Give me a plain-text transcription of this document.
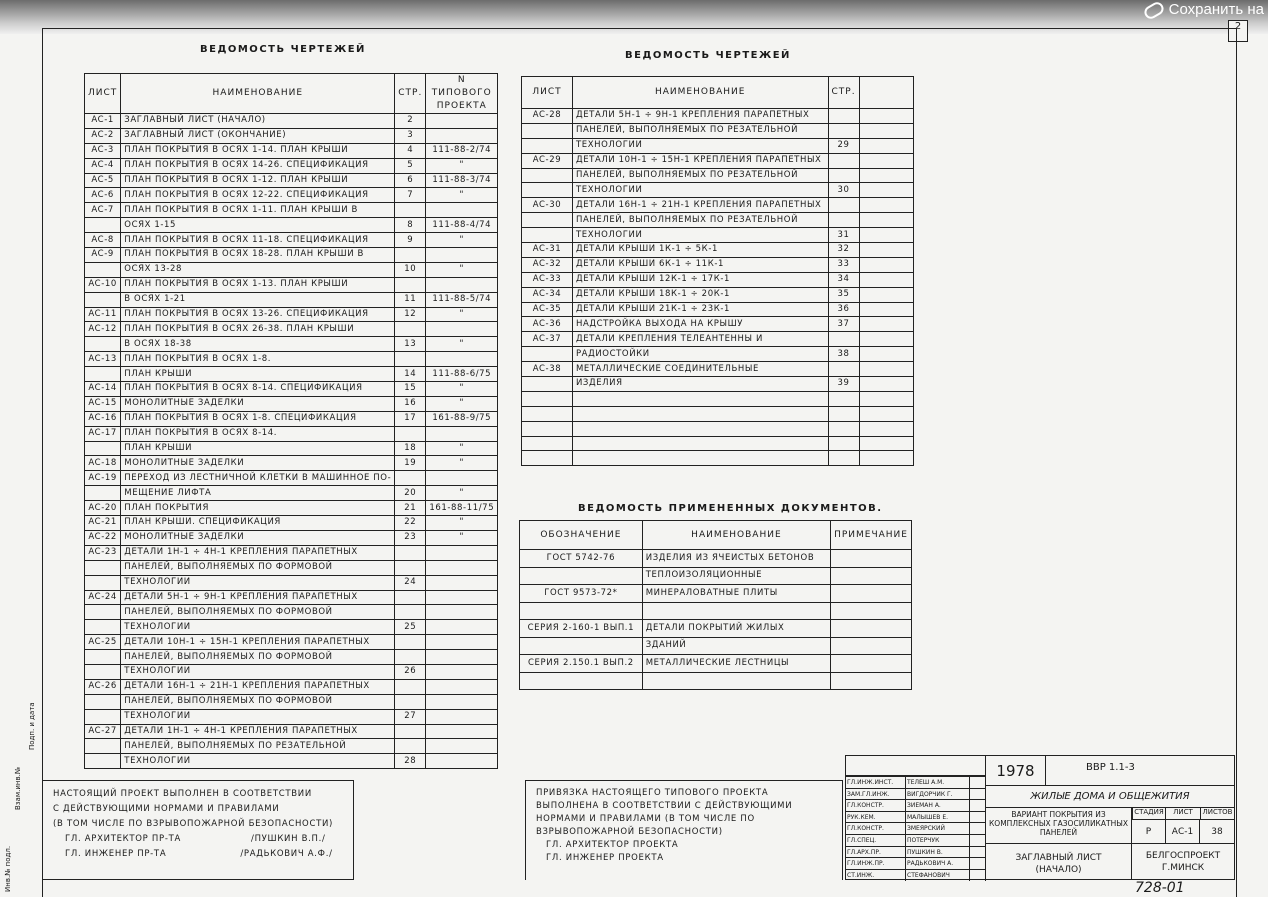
Сохранить на
2
Инв.№ подл.
Взам.инв.№
Подп. и дата
ВЕДОМОСТЬ ЧЕРТЕЖЕЙ
ЛИСТ	НАИМЕНОВАНИЕ	СТР.	N ТИПОВОГО ПРОЕКТА
AC-1	ЗАГЛАВНЫЙ ЛИСТ (НАЧАЛО)	2	
AC-2	ЗАГЛАВНЫЙ ЛИСТ (ОКОНЧАНИЕ)	3	
AC-3	ПЛАН ПОКРЫТИЯ В ОСЯХ 1-14. ПЛАН КРЫШИ	4	111-88-2/74
AC-4	ПЛАН ПОКРЫТИЯ В ОСЯХ 14-26. СПЕЦИФИКАЦИЯ	5	"
AC-5	ПЛАН ПОКРЫТИЯ В ОСЯХ 1-12. ПЛАН КРЫШИ	6	111-88-3/74
AC-6	ПЛАН ПОКРЫТИЯ В ОСЯХ 12-22. СПЕЦИФИКАЦИЯ	7	"
AC-7	ПЛАН ПОКРЫТИЯ В ОСЯХ 1-11. ПЛАН КРЫШИ В		
	ОСЯХ 1-15	8	111-88-4/74
AC-8	ПЛАН ПОКРЫТИЯ В ОСЯХ 11-18. СПЕЦИФИКАЦИЯ	9	"
AC-9	ПЛАН ПОКРЫТИЯ В ОСЯХ 18-28. ПЛАН КРЫШИ В		
	ОСЯХ 13-28	10	"
AC-10	ПЛАН ПОКРЫТИЯ В ОСЯХ 1-13. ПЛАН КРЫШИ		
	В ОСЯХ 1-21	11	111-88-5/74
AC-11	ПЛАН ПОКРЫТИЯ В ОСЯХ 13-26. СПЕЦИФИКАЦИЯ	12	"
AC-12	ПЛАН ПОКРЫТИЯ В ОСЯХ 26-38. ПЛАН КРЫШИ		
	В ОСЯХ 18-38	13	"
AC-13	ПЛАН ПОКРЫТИЯ В ОСЯХ 1-8.		
	ПЛАН КРЫШИ	14	111-88-6/75
AC-14	ПЛАН ПОКРЫТИЯ В ОСЯХ 8-14. СПЕЦИФИКАЦИЯ	15	"
AC-15	МОНОЛИТНЫЕ ЗАДЕЛКИ	16	"
AC-16	ПЛАН ПОКРЫТИЯ В ОСЯХ 1-8. СПЕЦИФИКАЦИЯ	17	161-88-9/75
AC-17	ПЛАН ПОКРЫТИЯ В ОСЯХ 8-14.		
	ПЛАН КРЫШИ	18	"
AC-18	МОНОЛИТНЫЕ ЗАДЕЛКИ	19	"
AC-19	ПЕРЕХОД ИЗ ЛЕСТНИЧНОЙ КЛЕТКИ В МАШИННОЕ ПО-		
	МЕЩЕНИЕ ЛИФТА	20	"
AC-20	ПЛАН ПОКРЫТИЯ	21	161-88-11/75
AC-21	ПЛАН КРЫШИ. СПЕЦИФИКАЦИЯ	22	"
AC-22	МОНОЛИТНЫЕ ЗАДЕЛКИ	23	"
AC-23	ДЕТАЛИ 1Н-1 ÷ 4Н-1 КРЕПЛЕНИЯ ПАРАПЕТНЫХ		
	ПАНЕЛЕЙ, ВЫПОЛНЯЕМЫХ ПО ФОРМОВОЙ		
	ТЕХНОЛОГИИ	24	
AC-24	ДЕТАЛИ 5Н-1 ÷ 9Н-1 КРЕПЛЕНИЯ ПАРАПЕТНЫХ		
	ПАНЕЛЕЙ, ВЫПОЛНЯЕМЫХ ПО ФОРМОВОЙ		
	ТЕХНОЛОГИИ	25	
AC-25	ДЕТАЛИ 10Н-1 ÷ 15Н-1 КРЕПЛЕНИЯ ПАРАПЕТНЫХ		
	ПАНЕЛЕЙ, ВЫПОЛНЯЕМЫХ ПО ФОРМОВОЙ		
	ТЕХНОЛОГИИ	26	
AC-26	ДЕТАЛИ 16Н-1 ÷ 21Н-1 КРЕПЛЕНИЯ ПАРАПЕТНЫХ		
	ПАНЕЛЕЙ, ВЫПОЛНЯЕМЫХ ПО ФОРМОВОЙ		
	ТЕХНОЛОГИИ	27	
AC-27	ДЕТАЛИ 1Н-1 ÷ 4Н-1 КРЕПЛЕНИЯ ПАРАПЕТНЫХ		
	ПАНЕЛЕЙ, ВЫПОЛНЯЕМЫХ ПО РЕЗАТЕЛЬНОЙ		
	ТЕХНОЛОГИИ	28	
ВЕДОМОСТЬ ЧЕРТЕЖЕЙ
ЛИСТ	НАИМЕНОВАНИЕ	СТР.	
AC-28	ДЕТАЛИ 5Н-1 ÷ 9Н-1 КРЕПЛЕНИЯ ПАРАПЕТНЫХ		
	ПАНЕЛЕЙ, ВЫПОЛНЯЕМЫХ ПО РЕЗАТЕЛЬНОЙ		
	ТЕХНОЛОГИИ	29	
AC-29	ДЕТАЛИ 10Н-1 ÷ 15Н-1 КРЕПЛЕНИЯ ПАРАПЕТНЫХ		
	ПАНЕЛЕЙ, ВЫПОЛНЯЕМЫХ ПО РЕЗАТЕЛЬНОЙ		
	ТЕХНОЛОГИИ	30	
AC-30	ДЕТАЛИ 16Н-1 ÷ 21Н-1 КРЕПЛЕНИЯ ПАРАПЕТНЫХ		
	ПАНЕЛЕЙ, ВЫПОЛНЯЕМЫХ ПО РЕЗАТЕЛЬНОЙ		
	ТЕХНОЛОГИИ	31	
AC-31	ДЕТАЛИ КРЫШИ 1К-1 ÷ 5К-1	32	
AC-32	ДЕТАЛИ КРЫШИ 6К-1 ÷ 11К-1	33	
AC-33	ДЕТАЛИ КРЫШИ 12К-1 ÷ 17К-1	34	
AC-34	ДЕТАЛИ КРЫШИ 18К-1 ÷ 20К-1	35	
AC-35	ДЕТАЛИ КРЫШИ 21К-1 ÷ 23К-1	36	
AC-36	НАДСТРОЙКА ВЫХОДА НА КРЫШУ	37	
AC-37	ДЕТАЛИ КРЕПЛЕНИЯ ТЕЛЕАНТЕННЫ И		
	РАДИОСТОЙКИ	38	
AC-38	МЕТАЛЛИЧЕСКИЕ СОЕДИНИТЕЛЬНЫЕ		
	ИЗДЕЛИЯ	39	

ВЕДОМОСТЬ ПРИМЕНЕННЫХ ДОКУМЕНТОВ.
ОБОЗНАЧЕНИЕ	НАИМЕНОВАНИЕ	ПРИМЕЧАНИЕ
ГОСТ 5742-76	ИЗДЕЛИЯ ИЗ ЯЧЕИСТЫХ БЕТОНОВ	
	ТЕПЛОИЗОЛЯЦИОННЫЕ	
ГОСТ 9573-72*	МИНЕРАЛОВАТНЫЕ ПЛИТЫ	

СЕРИЯ 2-160-1 ВЫП.1	ДЕТАЛИ ПОКРЫТИЙ ЖИЛЫХ	
	ЗДАНИЙ	
СЕРИЯ 2.150.1 ВЫП.2	МЕТАЛЛИЧЕСКИЕ ЛЕСТНИЦЫ	

НАСТОЯЩИЙ ПРОЕКТ ВЫПОЛНЕН В СООТВЕТСТВИИ
С ДЕЙСТВУЮЩИМИ НОРМАМИ И ПРАВИЛАМИ
(В ТОМ ЧИСЛЕ ПО ВЗРЫВОПОЖАРНОЙ БЕЗОПАСНОСТИ)
ГЛ. АРХИТЕКТОР ПР-ТА	/ПУШКИН В.П./
ГЛ. ИНЖЕНЕР ПР-ТА	/РАДЬКОВИЧ А.Ф./
ПРИВЯЗКА НАСТОЯЩЕГО ТИПОВОГО ПРОЕКТА ВЫПОЛНЕНА В СООТВЕТСТВИИ С ДЕЙСТВУЮЩИМИ НОРМАМИ И ПРАВИЛАМИ (В ТОМ ЧИСЛЕ ПО ВЗРЫВОПОЖАРНОЙ БЕЗОПАСНОСТИ)
ГЛ. АРХИТЕКТОР ПРОЕКТА
ГЛ. ИНЖЕНЕР ПРОЕКТА
ГЛ.ИНЖ.ИНСТ. ТЕЛЕШ А.М.
ЗАМ.ГЛ.ИНЖ.	ВИГДОРЧИК Г.
ГЛ.КОНСТР.	ЗИЕМАН А.
РУК.КЕМ.	МАЛЫШЕВ Е.
ГЛ.КОНСТР.	ЗМЕЯРСКИЙ
ГЛ.СПЕЦ.	ПОТЕРЧУК
ГЛ.АРХ.ПР.	ПУШКИН В.
ГЛ.ИНЖ.ПР.	РАДЬКОВИЧ А.
СТ.ИНЖ.	СТЕФАНОВИЧ
1978	ВВР 1.1-3
ЖИЛЫЕ ДОМА И ОБЩЕЖИТИЯ
ВАРИАНТ ПОКРЫТИЯ ИЗ КОМПЛЕКСНЫХ ГАЗОСИЛИКАТНЫХ ПАНЕЛЕЙ
СТАДИЯ	ЛИСТ	ЛИСТОВ
Р	АС-1	38
ЗАГЛАВНЫЙ ЛИСТ (НАЧАЛО)
БЕЛГОСПРОЕКТ Г.МИНСК
728-01
